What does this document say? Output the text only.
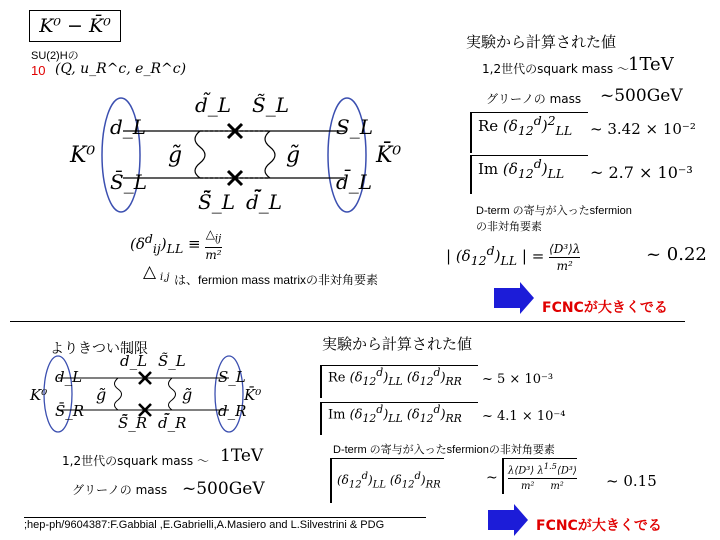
K⁰ − K̄⁰
SU(2)Hの
10 (Q, u_R^c, e_R^c)
実験から計算された値
1,2世代のsquark mass ～ 1TeV
グリーノの mass ~500GeV
Re $(\delta_{12}^d)^2_{LL}$	~ 3.42 × 10⁻²
Im $(\delta_{12}^d)_{LL}$	~ 2.7 × 10⁻³
D-term の寄与が入ったsfermion
の非対角要素
| $(\delta_{12}^d)_{LL}$ | = $\frac{\text{⟨D³⟩λ}}{\text{m²}}$	~ 0.22
$(\delta^d_{ij})_{LL} \equiv \frac{\triangle_{ij}}{\text{m²}}$
△ i,j は、fermion mass matrixの非対角要素
FCNCが大きくでる
K⁰	K̄⁰
d_L
S̄_L
S_L
d̄_L
d̃_L S̃_L
g̃	g̃
S̄̃_L d̄̃_L
よりきつい制限	実験から計算された値
Re $(\delta_{12}^d)_{LL}$ $(\delta_{12}^d)_{RR}$	~ 5 × 10⁻³
Im $(\delta_{12}^d)_{LL}$ $(\delta_{12}^d)_{RR}$	~ 4.1 × 10⁻⁴
D-term の寄与が入ったsfermionの非対角要素
$(\delta_{12}^d)_{LL}$ $(\delta_{12}^d)_{RR}$
λ⟨D³⟩ $\lambda^{1.5}⟨D^3⟩$
m²     m²	~ 0.15
~
1,2世代のsquark mass ～ 1TeV
グリーノの mass ~500GeV
;hep-ph/9604387:F.Gabbial ,E.Gabrielli,A.Masiero and L.Silvestrini & PDG	FCNCが大きくでる
K⁰	K̄⁰
d_L
S̄_R
S_L
d_R
d̃_L S̃_L
g̃	g̃
S̄̃_R d̄̃_R
